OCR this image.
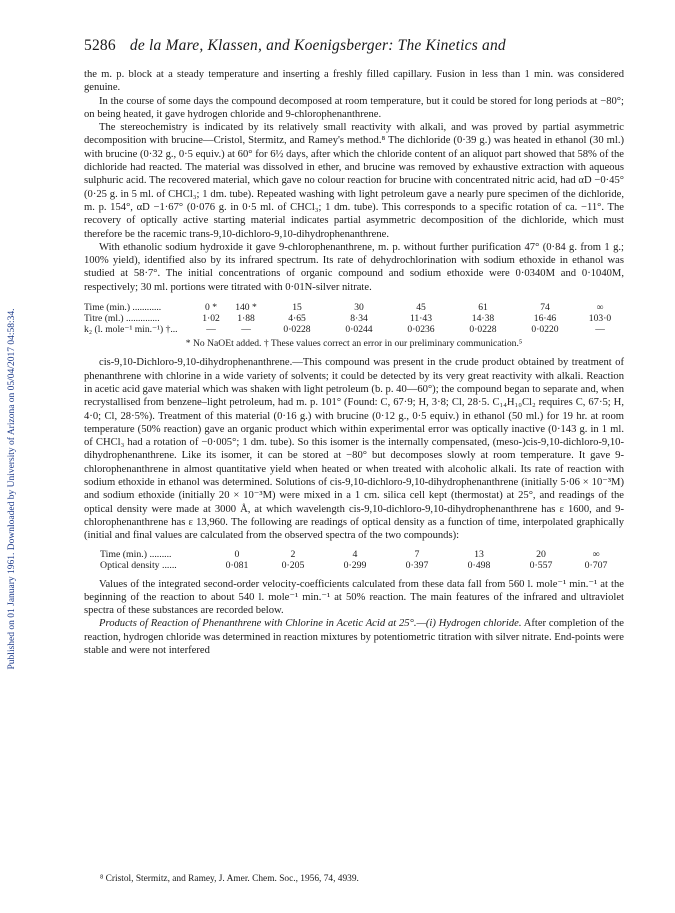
5286 de la Mare, Klassen, and Koenigsberger: The Kinetics and
Published on 01 January 1961. Downloaded by University of Arizona on 05/04/2017 04:58:34.

the m. p. block at a steady temperature and inserting a freshly filled capillary. Fusion in less than 1 min. was considered genuine.

In the course of some days the compound decomposed at room temperature, but it could be stored for long periods at −80°; on being heated, it gave hydrogen chloride and 9-chlorophenanthrene.

The stereochemistry is indicated by its relatively small reactivity with alkali, and was proved by partial asymmetric decomposition with brucine—Cristol, Stermitz, and Ramey's method.⁸ The dichloride (0·39 g.) was heated in ethanol (30 ml.) with brucine (0·32 g., 0·5 equiv.) at 60° for 6½ days, after which the chloride content of an aliquot part showed that 58% of the dichloride had reacted. The material was dissolved in ether, and brucine was removed by exhaustive extraction with aqueous sulphuric acid. The recovered material, which gave no colour reaction for brucine with concentrated nitric acid, had αD −0·45° (0·25 g. in 5 ml. of CHCl₃; 1 dm. tube). Repeated washing with light petroleum gave a nearly pure specimen of the dichloride, m. p. 154°, αD −1·67° (0·076 g. in 0·5 ml. of CHCl₃; 1 dm. tube). This corresponds to a specific rotation of ca. −11°. The recovery of optically active starting material indicates partial asymmetric decomposition of the dichloride, which must therefore be the racemic trans-9,10-dichloro-9,10-dihydrophenanthrene.

With ethanolic sodium hydroxide it gave 9-chlorophenanthrene, m. p. without further purification 47° (0·84 g. from 1 g.; 100% yield), identified also by its infrared spectrum. Its rate of dehydrochlorination with sodium ethoxide in ethanol was studied at 58·7°. The initial concentrations of organic compound and sodium ethoxide were 0·0340M and 0·1040M, respectively; 30 ml. portions were titrated with 0·01N-silver nitrate.

Time (min.) ............	0 *	140 *	15	30	45	61	74	∞
Titre (ml.) ..............	1·02	1·88	4·65	8·34	11·43	14·38	16·46	103·0
k₂ (l. mole⁻¹ min.⁻¹) †...	—	—	0·0228	0·0244	0·0236	0·0228	0·0220	—
* No NaOEt added. † These values correct an error in our preliminary communication.⁵

cis-9,10-Dichloro-9,10-dihydrophenanthrene.—This compound was present in the crude product obtained by treatment of phenanthrene with chlorine in a wide variety of solvents; it could be detected by its very great reactivity with alkali. Reaction in acetic acid gave material which was shaken with light petroleum (b. p. 40—60°); the compound began to separate and, when recrystallised from benzene–light petroleum, had m. p. 101° (Found: C, 67·9; H, 3·8; Cl, 28·5. C₁₄H₁₀Cl₂ requires C, 67·5; H, 4·0; Cl, 28·5%). Treatment of this material (0·16 g.) with brucine (0·12 g., 0·5 equiv.) in ethanol (50 ml.) for 19 hr. at room temperature (50% reaction) gave an organic product which within experimental error was optically inactive (0·143 g. in 1 ml. of CHCl₃ had a rotation of −0·005°; 1 dm. tube). So this isomer is the internally compensated, (meso-)cis-9,10-dichloro-9,10-dihydrophenanthrene. Like its isomer, it can be stored at −80° but decomposes slowly at room temperature. It gave 9-chlorophenanthrene in almost quantitative yield when heated or when treated with alcoholic alkali. Its rate of reaction with sodium ethoxide in ethanol was determined. Solutions of cis-9,10-dichloro-9,10-dihydrophenanthrene (initially 5·06 × 10⁻³M) and sodium ethoxide (initially 20 × 10⁻³M) were mixed in a 1 cm. silica cell kept (thermostat) at 25°, and readings of the optical density were made at 3000 Å, at which wavelength cis-9,10-dichloro-9,10-dihydrophenanthrene has ε 1600, and 9-chlorophenanthrene has ε 13,960. The following are readings of optical density as a function of time, interpolated graphically (initial and final values are calculated from the observed spectra of the two compounds):

Time (min.) .........	0	2	4	7	13	20	∞
Optical density ......	0·081	0·205	0·299	0·397	0·498	0·557	0·707

Values of the integrated second-order velocity-coefficients calculated from these data fall from 560 l. mole⁻¹ min.⁻¹ at the beginning of the reaction to about 540 l. mole⁻¹ min.⁻¹ at 50% reaction. The main features of the infrared and ultraviolet spectra of these substances are recorded below.

Products of Reaction of Phenanthrene with Chlorine in Acetic Acid at 25°.—(i) Hydrogen chloride. After completion of the reaction, hydrogen chloride was determined in reaction mixtures by potentiometric titration with silver nitrate. End-points were stable and were not interfered

⁸ Cristol, Stermitz, and Ramey, J. Amer. Chem. Soc., 1956, 74, 4939.
